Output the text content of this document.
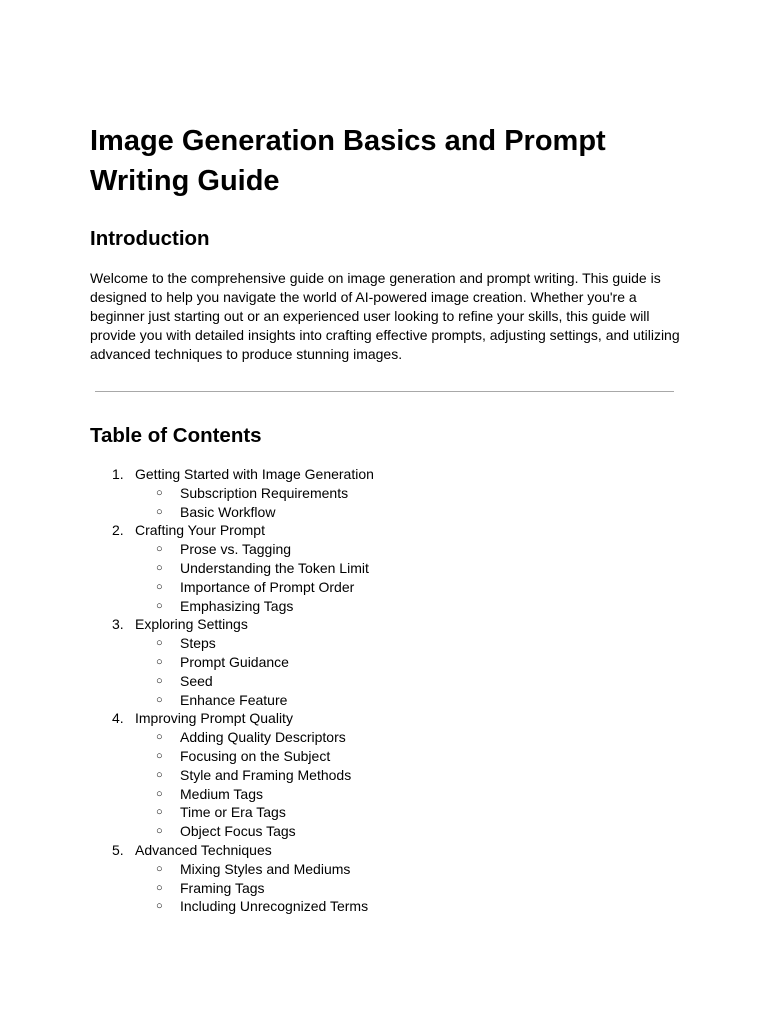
Image Generation Basics and Prompt Writing Guide
Introduction

Welcome to the comprehensive guide on image generation and prompt writing. This guide is designed to help you navigate the world of AI-powered image creation. Whether you're a beginner just starting out or an experienced user looking to refine your skills, this guide will provide you with detailed insights into crafting effective prompts, adjusting settings, and utilizing advanced techniques to produce stunning images.

Table of Contents
1. Getting Started with Image Generation
○ Subscription Requirements
○ Basic Workflow
2. Crafting Your Prompt
○ Prose vs. Tagging
○ Understanding the Token Limit
○ Importance of Prompt Order
○ Emphasizing Tags
3. Exploring Settings
○ Steps
○ Prompt Guidance
○ Seed
○ Enhance Feature
4. Improving Prompt Quality
○ Adding Quality Descriptors
○ Focusing on the Subject
○ Style and Framing Methods
○ Medium Tags
○ Time or Era Tags
○ Object Focus Tags
5. Advanced Techniques
○ Mixing Styles and Mediums
○ Framing Tags
○ Including Unrecognized Terms
